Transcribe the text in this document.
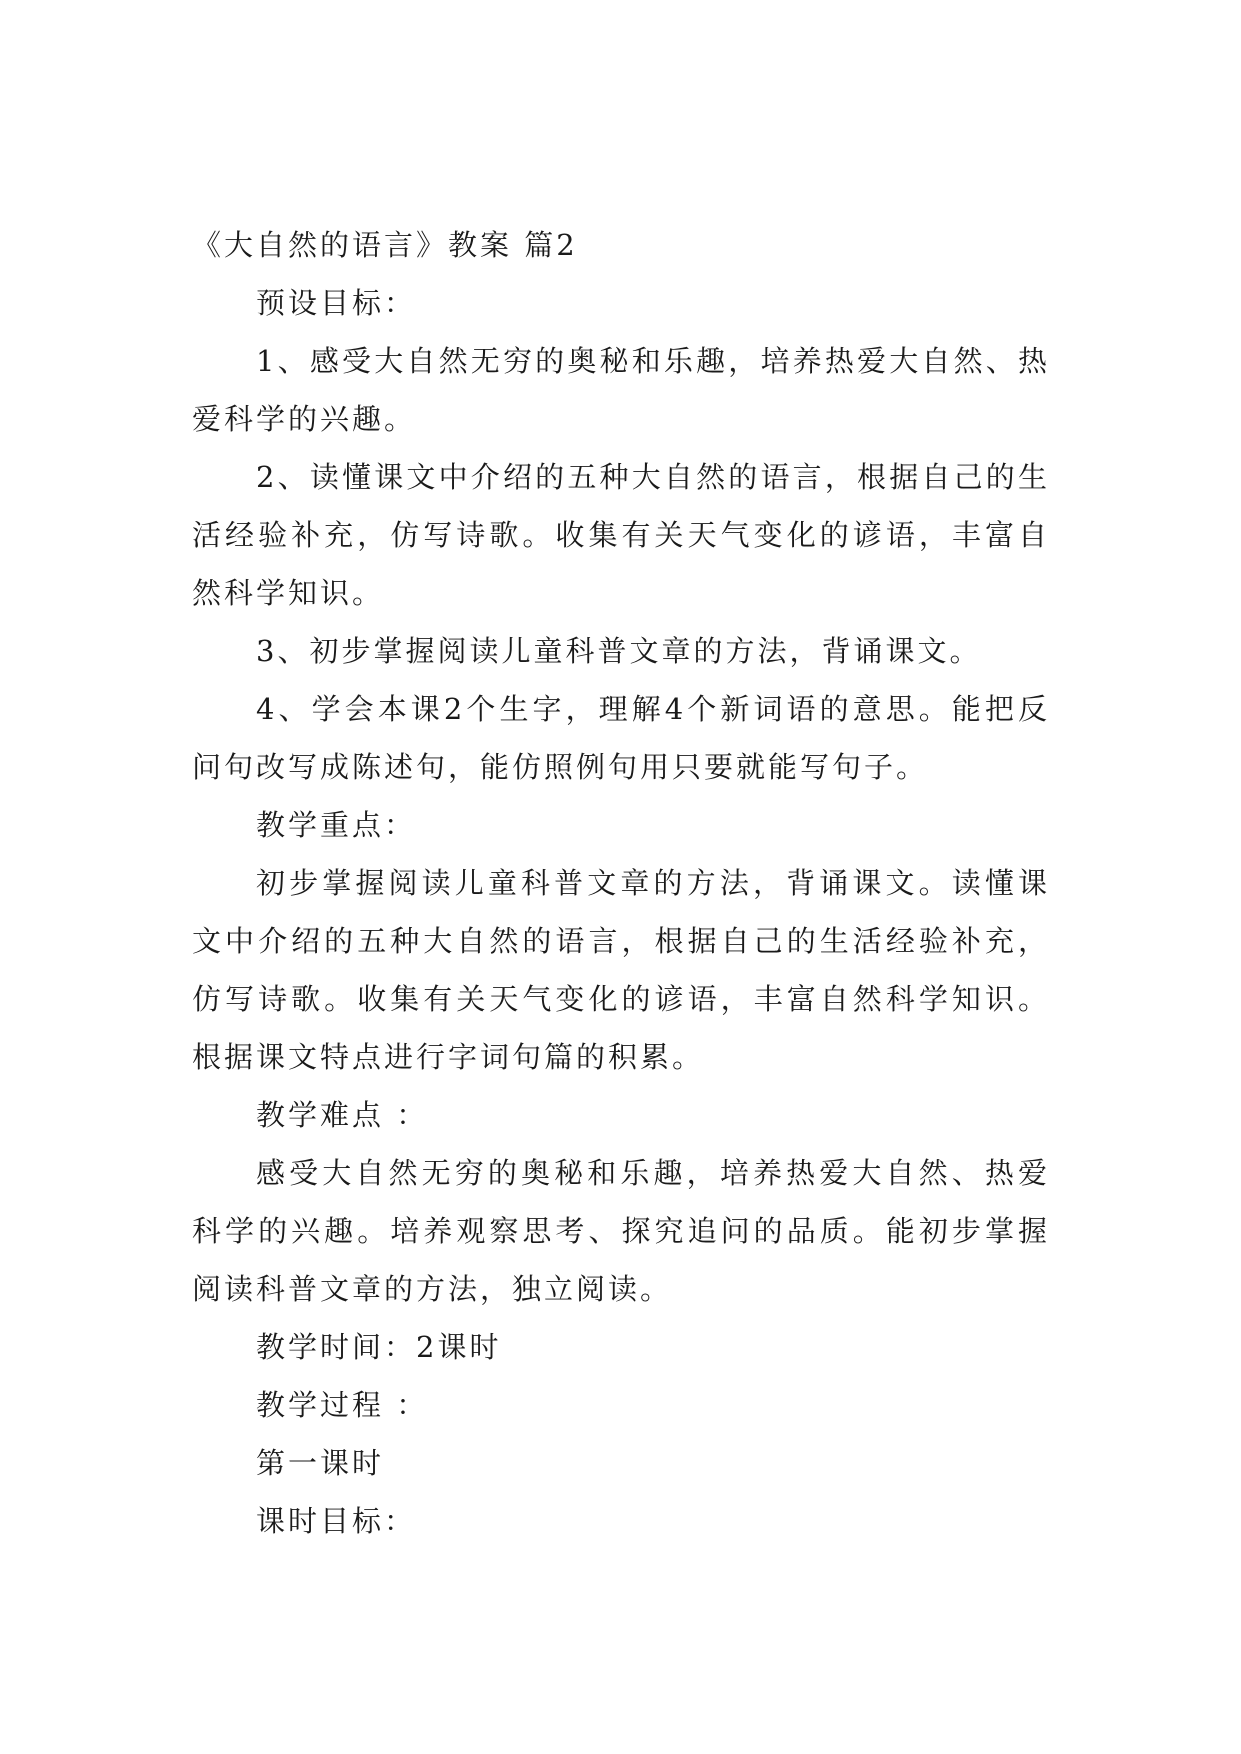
《大自然的语言》教案 篇2

预设目标：

1、感受大自然无穷的奥秘和乐趣，培养热爱大自然、热爱科学的兴趣。

2、读懂课文中介绍的五种大自然的语言，根据自己的生活经验补充，仿写诗歌。收集有关天气变化的谚语，丰富自然科学知识。

3、初步掌握阅读儿童科普文章的方法，背诵课文。

4、学会本课2个生字，理解4个新词语的意思。能把反问句改写成陈述句，能仿照例句用只要就能写句子。

教学重点：

初步掌握阅读儿童科普文章的方法，背诵课文。读懂课文中介绍的五种大自然的语言，根据自己的生活经验补充，仿写诗歌。收集有关天气变化的谚语，丰富自然科学知识。根据课文特点进行字词句篇的积累。

教学难点 ：

感受大自然无穷的奥秘和乐趣，培养热爱大自然、热爱科学的兴趣。培养观察思考、探究追问的品质。能初步掌握阅读科普文章的方法，独立阅读。

教学时间：2课时

教学过程 ：

第一课时

课时目标：
